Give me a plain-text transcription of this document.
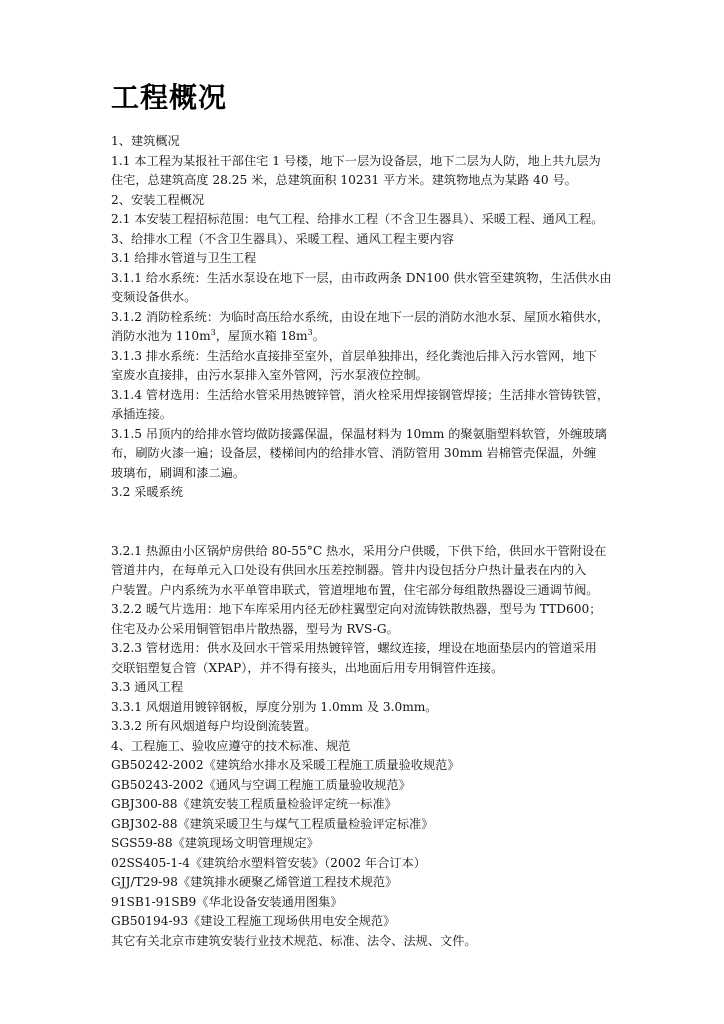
工程概况

1、建筑概况

1.1 本工程为某报社干部住宅 1 号楼，地下一层为设备层，地下二层为人防，地上共九层为

住宅，总建筑高度 28.25 米，总建筑面积 10231 平方米。建筑物地点为某路 40 号。

2、安装工程概况

2.1 本安装工程招标范围：电气工程、给排水工程（不含卫生器具）、采暖工程、通风工程。

3、给排水工程（不含卫生器具）、采暖工程、通风工程主要内容

3.1 给排水管道与卫生工程

3.1.1 给水系统：生活水泵设在地下一层，由市政两条 DN100 供水管至建筑物，生活供水由

变频设备供水。

3.1.2 消防栓系统：为临时高压给水系统，由设在地下一层的消防水池水泵、屋顶水箱供水，

消防水池为 $110m^3$，屋顶水箱 $18m^3$。

3.1.3 排水系统：生活给水直接排至室外，首层单独排出，经化粪池后排入污水管网，地下

室废水直接排，由污水泵排入室外管网，污水泵液位控制。

3.1.4 管材选用：生活给水管采用热镀锌管，消火栓采用焊接钢管焊接；生活排水管铸铁管，

承插连接。

3.1.5 吊顶内的给排水管均做防接露保温，保温材料为 10mm 的聚氨脂塑料软管，外缠玻璃

布，刷防火漆一遍；设备层，楼梯间内的给排水管、消防管用 30mm 岩棉管壳保温，外缠

玻璃布，刷调和漆二遍。

3.2 采暖系统

3.2.1 热源由小区锅炉房供给 80-55°C 热水，采用分户供暖，下供下给，供回水干管附设在

管道井内，在每单元入口处设有供回水压差控制器。管井内设包括分户热计量表在内的入

户装置。户内系统为水平单管串联式，管道埋地布置，住宅部分每组散热器设三通调节阀。

3.2.2 暖气片选用：地下车库采用内径无砂柱翼型定向对流铸铁散热器，型号为 TTD600；

住宅及办公采用铜管铝串片散热器，型号为 RVS-G。

3.2.3 管材选用：供水及回水干管采用热镀锌管，螺纹连接，埋设在地面垫层内的管道采用

交联铝塑复合管（XPAP），并不得有接头，出地面后用专用铜管件连接。

3.3 通风工程

3.3.1 风烟道用镀锌钢板，厚度分别为 1.0mm 及 3.0mm。

3.3.2 所有风烟道每户均设倒流装置。

4、工程施工、验收应遵守的技术标准、规范

GB50242-2002《建筑给水排水及采暖工程施工质量验收规范》

GB50243-2002《通风与空调工程施工质量验收规范》

GBJ300-88《建筑安装工程质量检验评定统一标准》

GBJ302-88《建筑采暖卫生与煤气工程质量检验评定标准》

SGS59-88《建筑现场文明管理规定》

02SS405-1-4《建筑给水塑料管安装》（2002 年合订本）

GJJ/T29-98《建筑排水硬聚乙烯管道工程技术规范》

91SB1-91SB9《华北设备安装通用图集》

GB50194-93《建设工程施工现场供用电安全规范》

其它有关北京市建筑安装行业技术规范、标准、法令、法规、文件。
